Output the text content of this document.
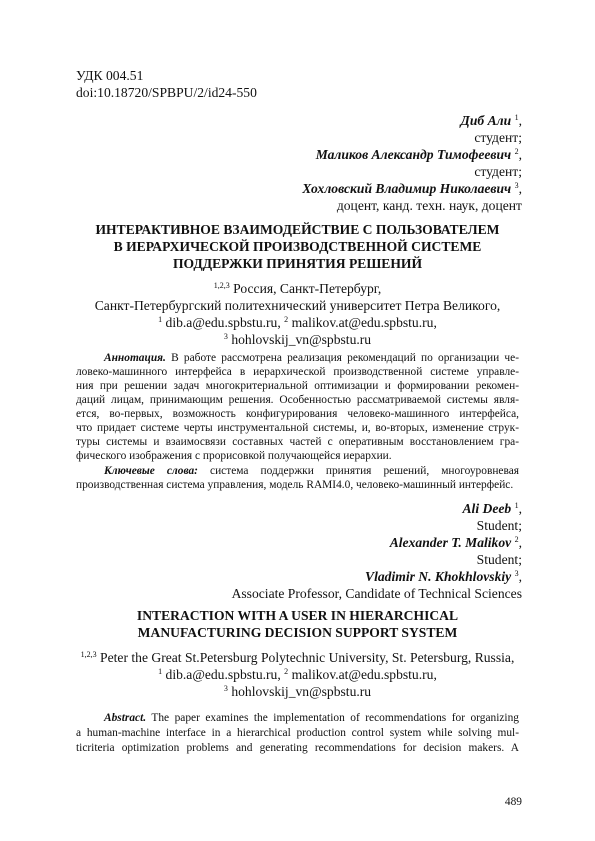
УДК 004.51
doi:10.18720/SPBPU/2/id24-550
Диб Али $^1$,
студент;
Маликов Александр Тимофеевич $^2$,
студент;
Хохловский Владимир Николаевич $^3$,
доцент, канд. техн. наук, доцент
ИНТЕРАКТИВНОЕ ВЗАИМОДЕЙСТВИЕ С ПОЛЬЗОВАТЕЛЕМ
В ИЕРАРХИЧЕСКОЙ ПРОИЗВОДСТВЕННОЙ СИСТЕМЕ
ПОДДЕРЖКИ ПРИНЯТИЯ РЕШЕНИЙ
$^{1,2,3}$ Россия, Санкт-Петербург,
Санкт-Петербургский политехнический университет Петра Великого,
$^1$ dib.a@edu.spbstu.ru, $^2$ malikov.at@edu.spbstu.ru,
$^3$ hohlovskij_vn@spbstu.ru
Аннотация. В работе рассмотрена реализация рекомендаций по организации че-
ловеко-машинного интерфейса в иерархической производственной системе управле-
ния при решении задач многокритериальной оптимизации и формировании рекомен-
даций лицам, принимающим решения. Особенностью рассматриваемой системы явля-
ется, во-первых, возможность конфигурирования человеко-машинного интерфейса,
что придает системе черты инструментальной системы, и, во-вторых, изменение струк-
туры системы и взаимосвязи составных частей с оперативным восстановлением гра-
фического изображения с прорисовкой получающейся иерархии.
Ключевые слова: система поддержки принятия решений, многоуровневая
производственная система управления, модель RAMI4.0, человеко-машинный интерфейс.
Ali Deeb $^1$,
Student;
Alexander T. Malikov $^2$,
Student;
Vladimir N. Khokhlovskiy $^3$,
Associate Professor, Candidate of Technical Sciences
INTERACTION WITH A USER IN HIERARCHICAL
MANUFACTURING DECISION SUPPORT SYSTEM
$^{1,2,3}$ Peter the Great St.Petersburg Polytechnic University, St. Petersburg, Russia,
$^1$ dib.a@edu.spbstu.ru, $^2$ malikov.at@edu.spbstu.ru,
$^3$ hohlovskij_vn@spbstu.ru
Abstract. The paper examines the implementation of recommendations for organizing
a human-machine interface in a hierarchical production control system while solving mul-
ticriteria optimization problems and generating recommendations for decision makers. A
489
